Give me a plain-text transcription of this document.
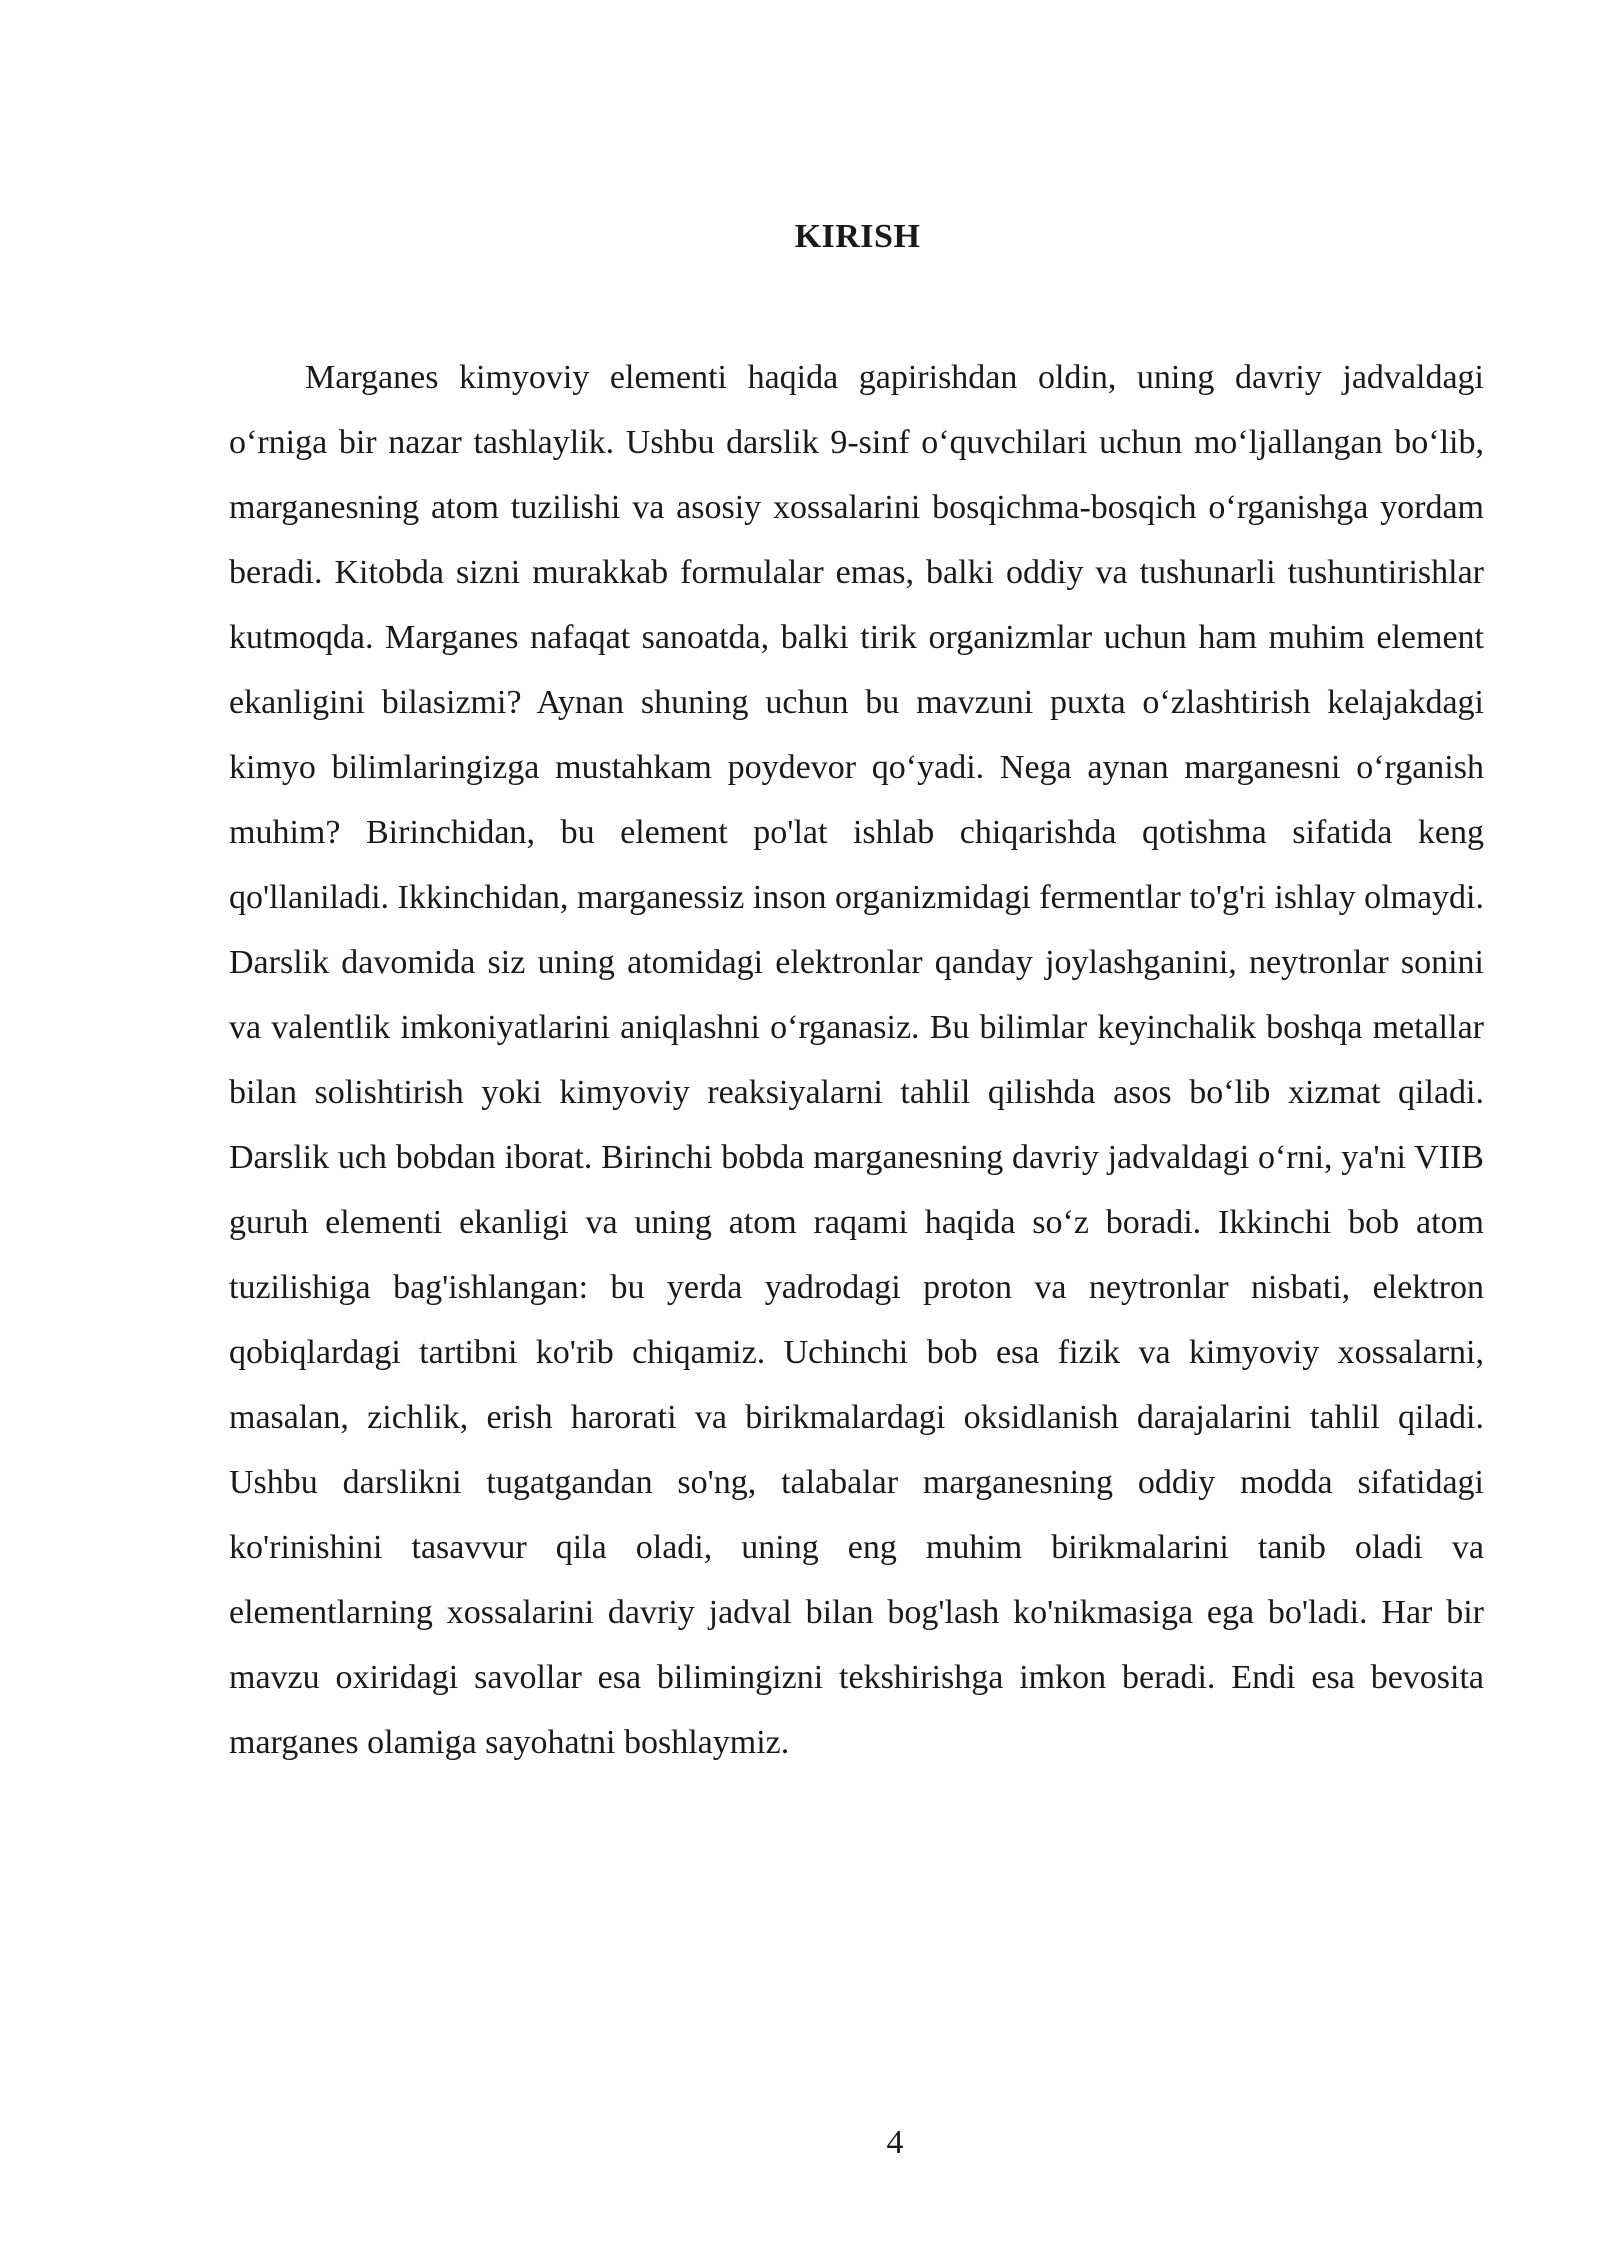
KIRISH

Marganes kimyoviy elementi haqida gapirishdan oldin, uning davriy jadvaldagi o‘rniga bir nazar tashlaylik. Ushbu darslik 9-sinf o‘quvchilari uchun mo‘ljallangan bo‘lib, marganesning atom tuzilishi va asosiy xossalarini bosqichma-bosqich o‘rganishga yordam beradi. Kitobda sizni murakkab formulalar emas, balki oddiy va tushunarli tushuntirishlar kutmoqda. Marganes nafaqat sanoatda, balki tirik organizmlar uchun ham muhim element ekanligini bilasizmi? Aynan shuning uchun bu mavzuni puxta o‘zlashtirish kelajakdagi kimyo bilimlaringizga mustahkam poydevor qo‘yadi. Nega aynan marganesni o‘rganish muhim? Birinchidan, bu element po'lat ishlab chiqarishda qotishma sifatida keng qo'llaniladi. Ikkinchidan, marganessiz inson organizmidagi fermentlar to'g'ri ishlay olmaydi. Darslik davomida siz uning atomidagi elektronlar qanday joylashganini, neytronlar sonini va valentlik imkoniyatlarini aniqlashni o‘rganasiz. Bu bilimlar keyinchalik boshqa metallar bilan solishtirish yoki kimyoviy reaksiyalarni tahlil qilishda asos bo‘lib xizmat qiladi. Darslik uch bobdan iborat. Birinchi bobda marganesning davriy jadvaldagi o‘rni, ya'ni VIIB guruh elementi ekanligi va uning atom raqami haqida so‘z boradi. Ikkinchi bob atom tuzilishiga bag'ishlangan: bu yerda yadrodagi proton va neytronlar nisbati, elektron qobiqlardagi tartibni ko'rib chiqamiz. Uchinchi bob esa fizik va kimyoviy xossalarni, masalan, zichlik, erish harorati va birikmalardagi oksidlanish darajalarini tahlil qiladi. Ushbu darslikni tugatgandan so'ng, talabalar marganesning oddiy modda sifatidagi ko'rinishini tasavvur qila oladi, uning eng muhim birikmalarini tanib oladi va elementlarning xossalarini davriy jadval bilan bog'lash ko'nikmasiga ega bo'ladi. Har bir mavzu oxiridagi savollar esa bilimingizni tekshirishga imkon beradi. Endi esa bevosita marganes olamiga sayohatni boshlaymiz.

4
